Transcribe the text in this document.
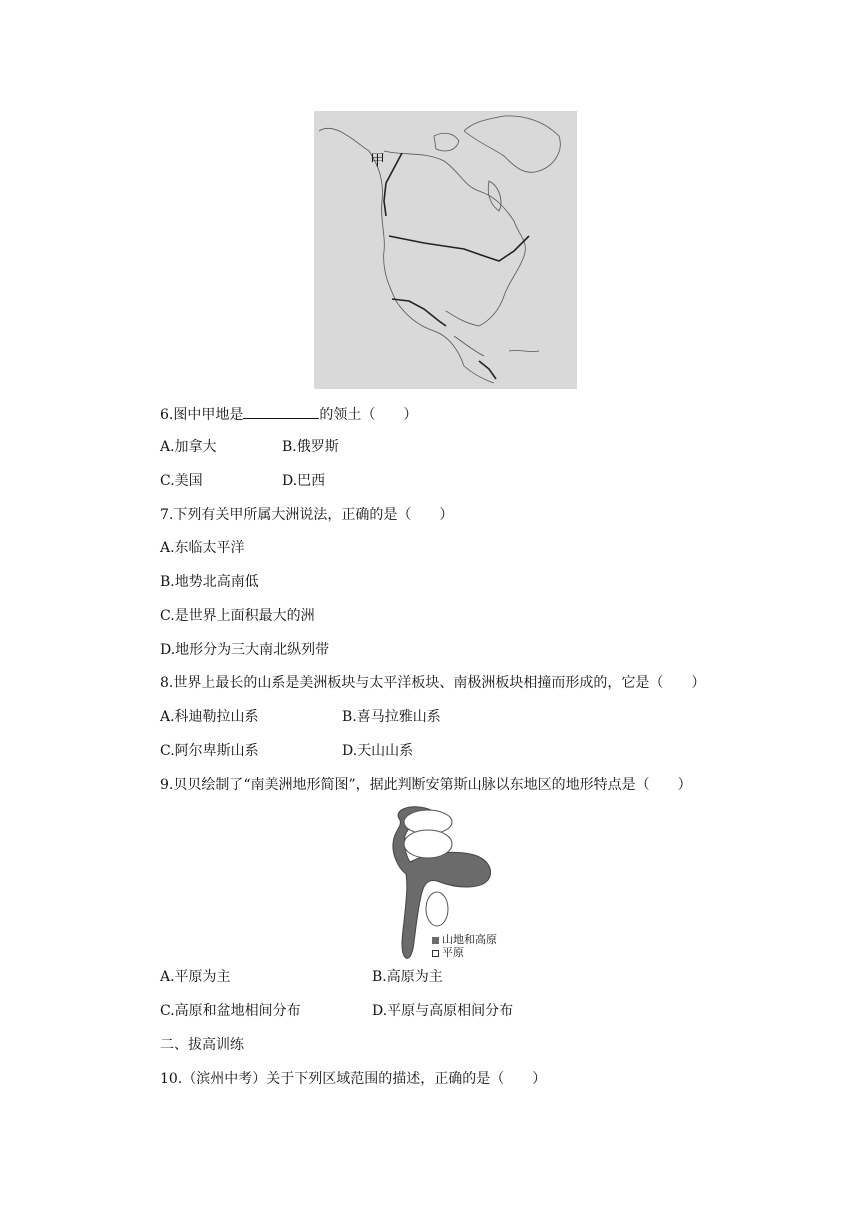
甲
6.图中甲地是	的领土（　　）
A.加拿大	B.俄罗斯
C.美国	D.巴西
7.下列有关甲所属大洲说法，正确的是（　　）
A.东临太平洋
B.地势北高南低
C.是世界上面积最大的洲
D.地形分为三大南北纵列带
8.世界上最长的山系是美洲板块与太平洋板块、南极洲板块相撞而形成的，它是（　　）
A.科迪勒拉山系	B.喜马拉雅山系
C.阿尔卑斯山系	D.天山山系
9.贝贝绘制了“南美洲地形简图”，据此判断安第斯山脉以东地区的地形特点是（　　）
山地和高原
平原
A.平原为主	B.高原为主
C.高原和盆地相间分布	D.平原与高原相间分布
二、拔高训练
10.（滨州中考）关于下列区域范围的描述，正确的是（　　）
